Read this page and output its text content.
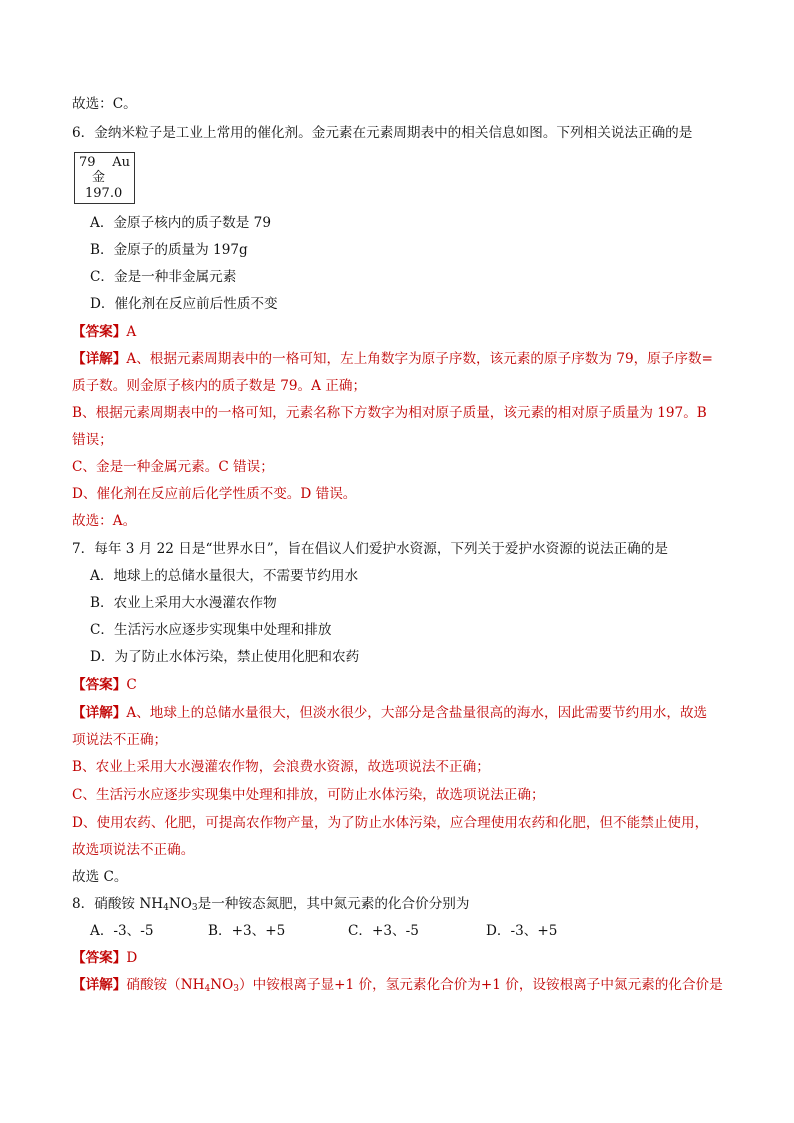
故选：C。
6．金纳米粒子是工业上常用的催化剂。金元素在元素周期表中的相关信息如图。下列相关说法正确的是
79 Au
金
197.0
A．金原子核内的质子数是 79
B．金原子的质量为 197g
C．金是一种非金属元素
D．催化剂在反应前后性质不变
【答案】A
【详解】A、根据元素周期表中的一格可知，左上角数字为原子序数，该元素的原子序数为 79，原子序数=
质子数。则金原子核内的质子数是 79。A 正确；
B、根据元素周期表中的一格可知，元素名称下方数字为相对原子质量，该元素的相对原子质量为 197。B
错误；
C、金是一种金属元素。C 错误；
D、催化剂在反应前后化学性质不变。D 错误。
故选：A。
7．每年 3 月 22 日是“世界水日”，旨在倡议人们爱护水资源，下列关于爱护水资源的说法正确的是
A．地球上的总储水量很大，不需要节约用水
B．农业上采用大水漫灌农作物
C．生活污水应逐步实现集中处理和排放
D．为了防止水体污染，禁止使用化肥和农药
【答案】C
【详解】A、地球上的总储水量很大，但淡水很少，大部分是含盐量很高的海水，因此需要节约用水，故选
项说法不正确；
B、农业上采用大水漫灌农作物，会浪费水资源，故选项说法不正确；
C、生活污水应逐步实现集中处理和排放，可防止水体污染，故选项说法正确；
D、使用农药、化肥，可提高农作物产量，为了防止水体污染，应合理使用农药和化肥，但不能禁止使用，
故选项说法不正确。
故选 C。
8．硝酸铵 $NH_4NO_3$是一种铵态氮肥，其中氮元素的化合价分别为
A．-3、-5	B．+3、+5	C．+3、-5	D．-3、+5
【答案】D
【详解】硝酸铵$(NH_4NO_3)$中铵根离子显+1 价，氢元素化合价为+1 价，设铵根离子中氮元素的化合价是
